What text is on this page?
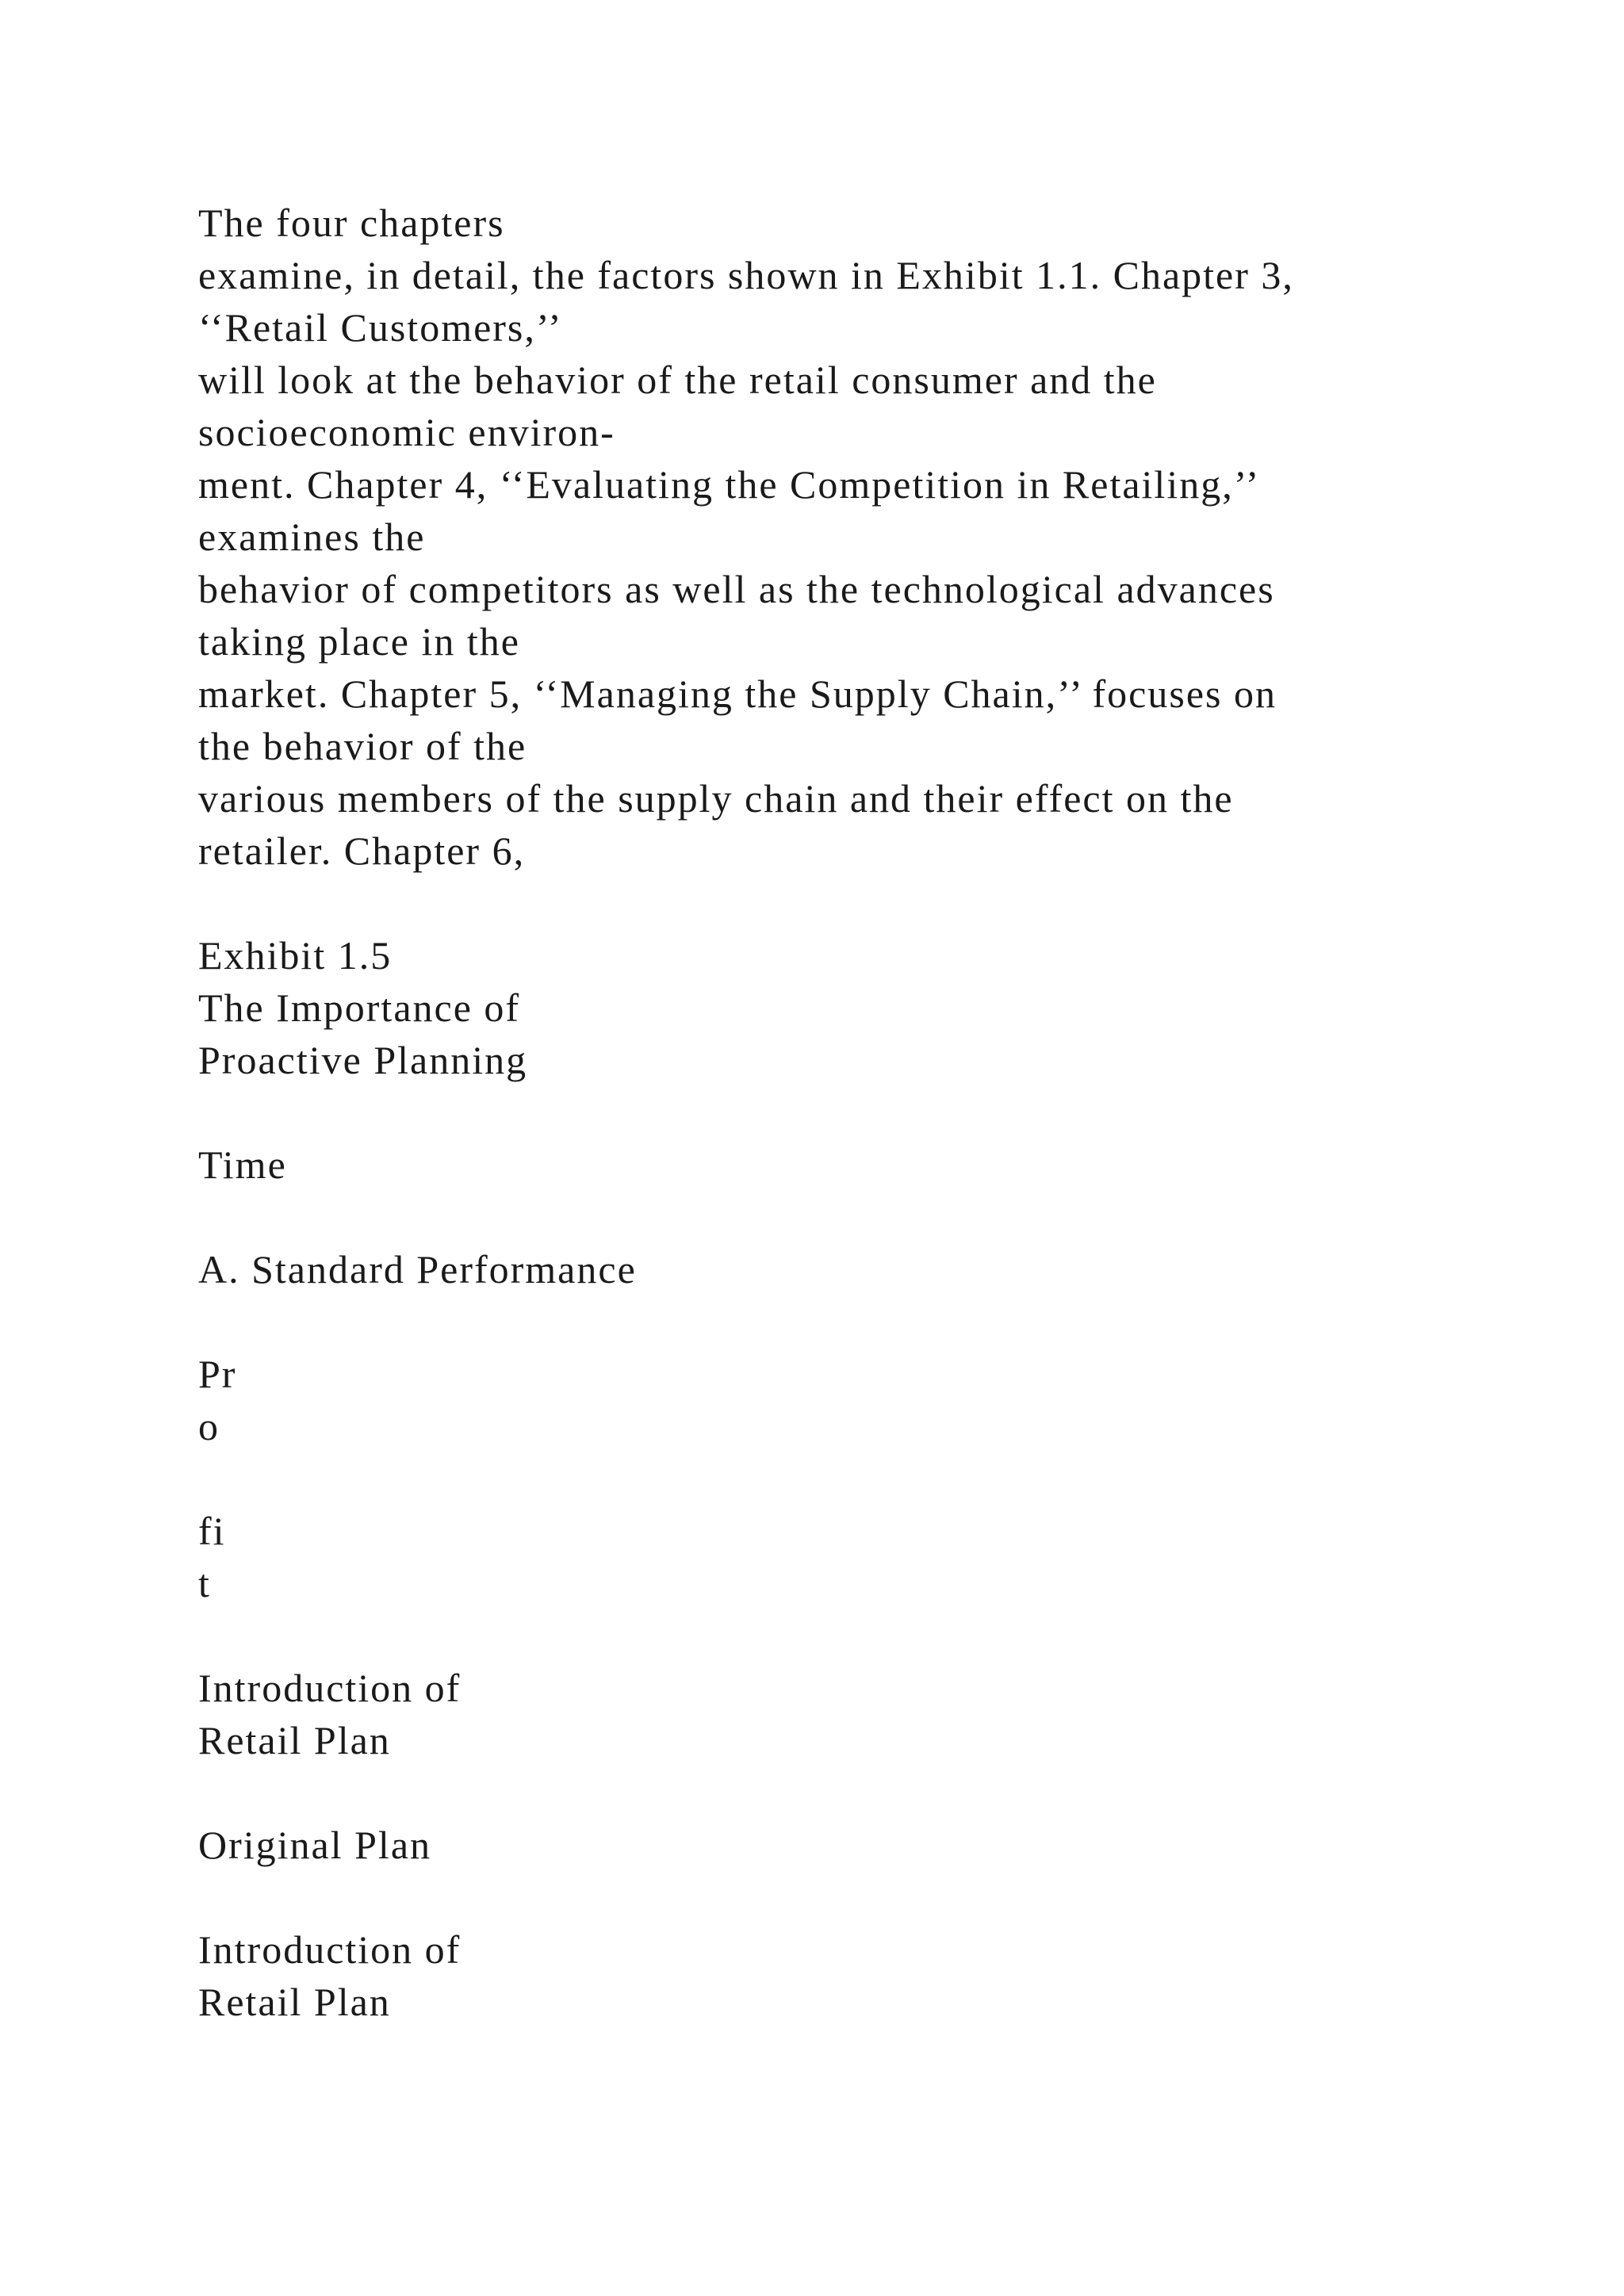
The four chapters
examine, in detail, the factors shown in Exhibit 1.1. Chapter 3,
‘‘Retail Customers,’’
will look at the behavior of the retail consumer and the
socioeconomic environ-
ment. Chapter 4, ‘‘Evaluating the Competition in Retailing,’’
examines the
behavior of competitors as well as the technological advances
taking place in the
market. Chapter 5, ‘‘Managing the Supply Chain,’’ focuses on
the behavior of the
various members of the supply chain and their effect on the
retailer. Chapter 6,
Exhibit 1.5
The Importance of
Proactive Planning
Time
A. Standard Performance
Pr
o
fi
t
Introduction of
Retail Plan
Original Plan
Introduction of
Retail Plan
